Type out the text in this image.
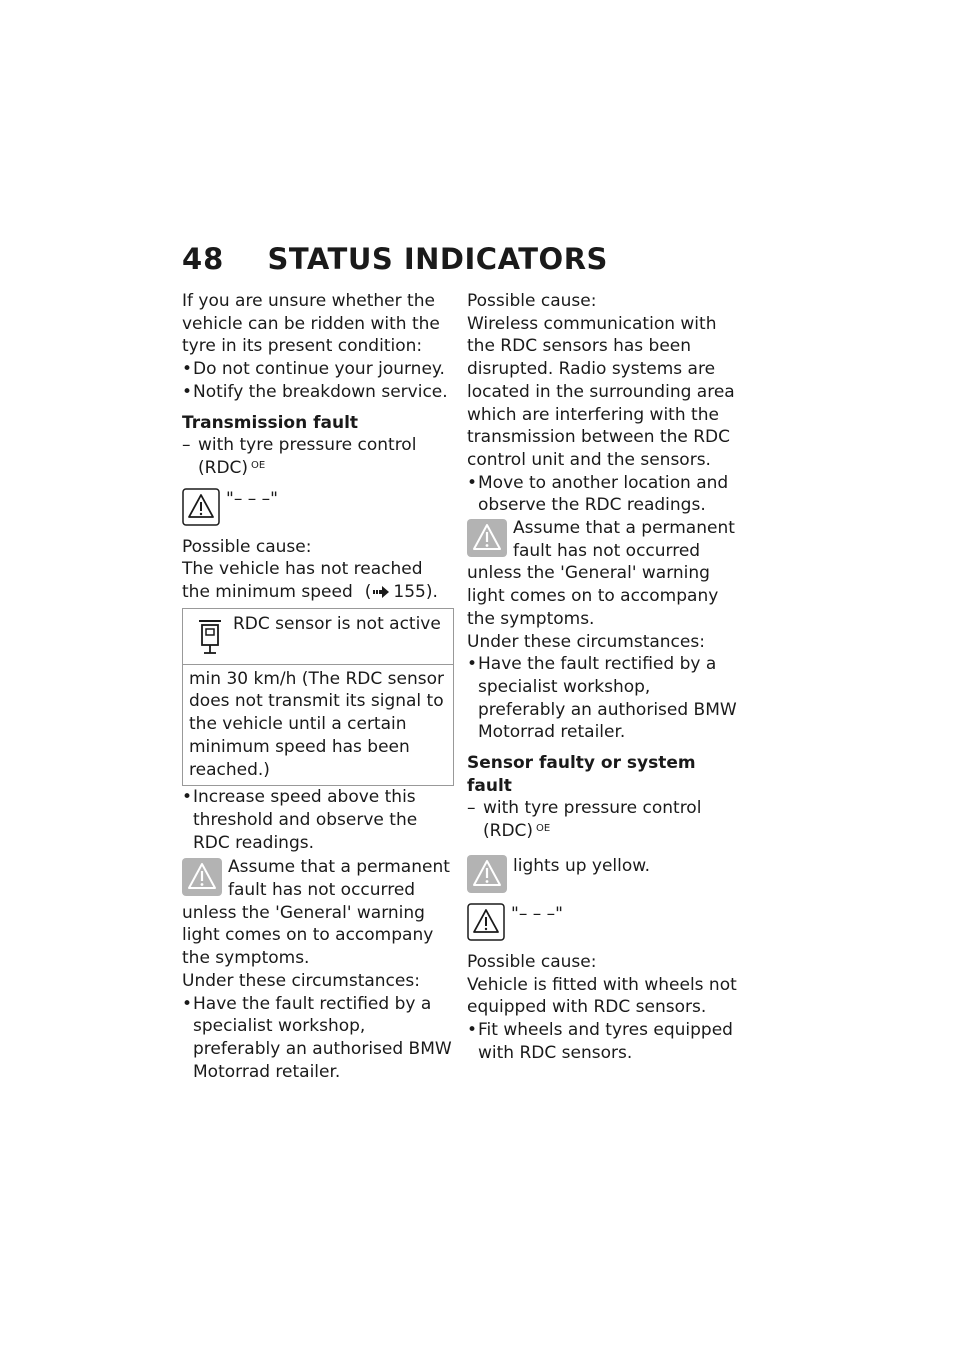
48 STATUS INDICATORS

If you are unsure whether the vehicle can be ridden with the tyre in its present condition:

• Do not continue your journey.

• Notify the breakdown service.

Transmission fault

– with tyre pressure control (RDC) $^{OE}$

"– – –"

Possible cause:

The vehicle has not reached the minimum speed ( 155).

RDC sensor is not active
min 30 km/h (The RDC sensor does not transmit its signal to the vehicle until a certain minimum speed has been reached.)

• Increase speed above this threshold and observe the RDC readings.

Assume that a permanent fault has not occurred unless the 'General' warning light comes on to accompany the symptoms.

Under these circumstances:

• Have the fault rectified by a specialist workshop, preferably an authorised BMW Motorrad retailer.

Possible cause:

Wireless communication with the RDC sensors has been disrupted. Radio systems are located in the surrounding area which are interfering with the transmission between the RDC control unit and the sensors.

• Move to another location and observe the RDC readings.

Assume that a permanent fault has not occurred unless the 'General' warning light comes on to accompany the symptoms.

Under these circumstances:

• Have the fault rectified by a specialist workshop, preferably an authorised BMW Motorrad retailer.

Sensor faulty or system fault

– with tyre pressure control (RDC) $^{OE}$

lights up yellow.
"– – –"

Possible cause:

Vehicle is fitted with wheels not equipped with RDC sensors.

• Fit wheels and tyres equipped with RDC sensors.
